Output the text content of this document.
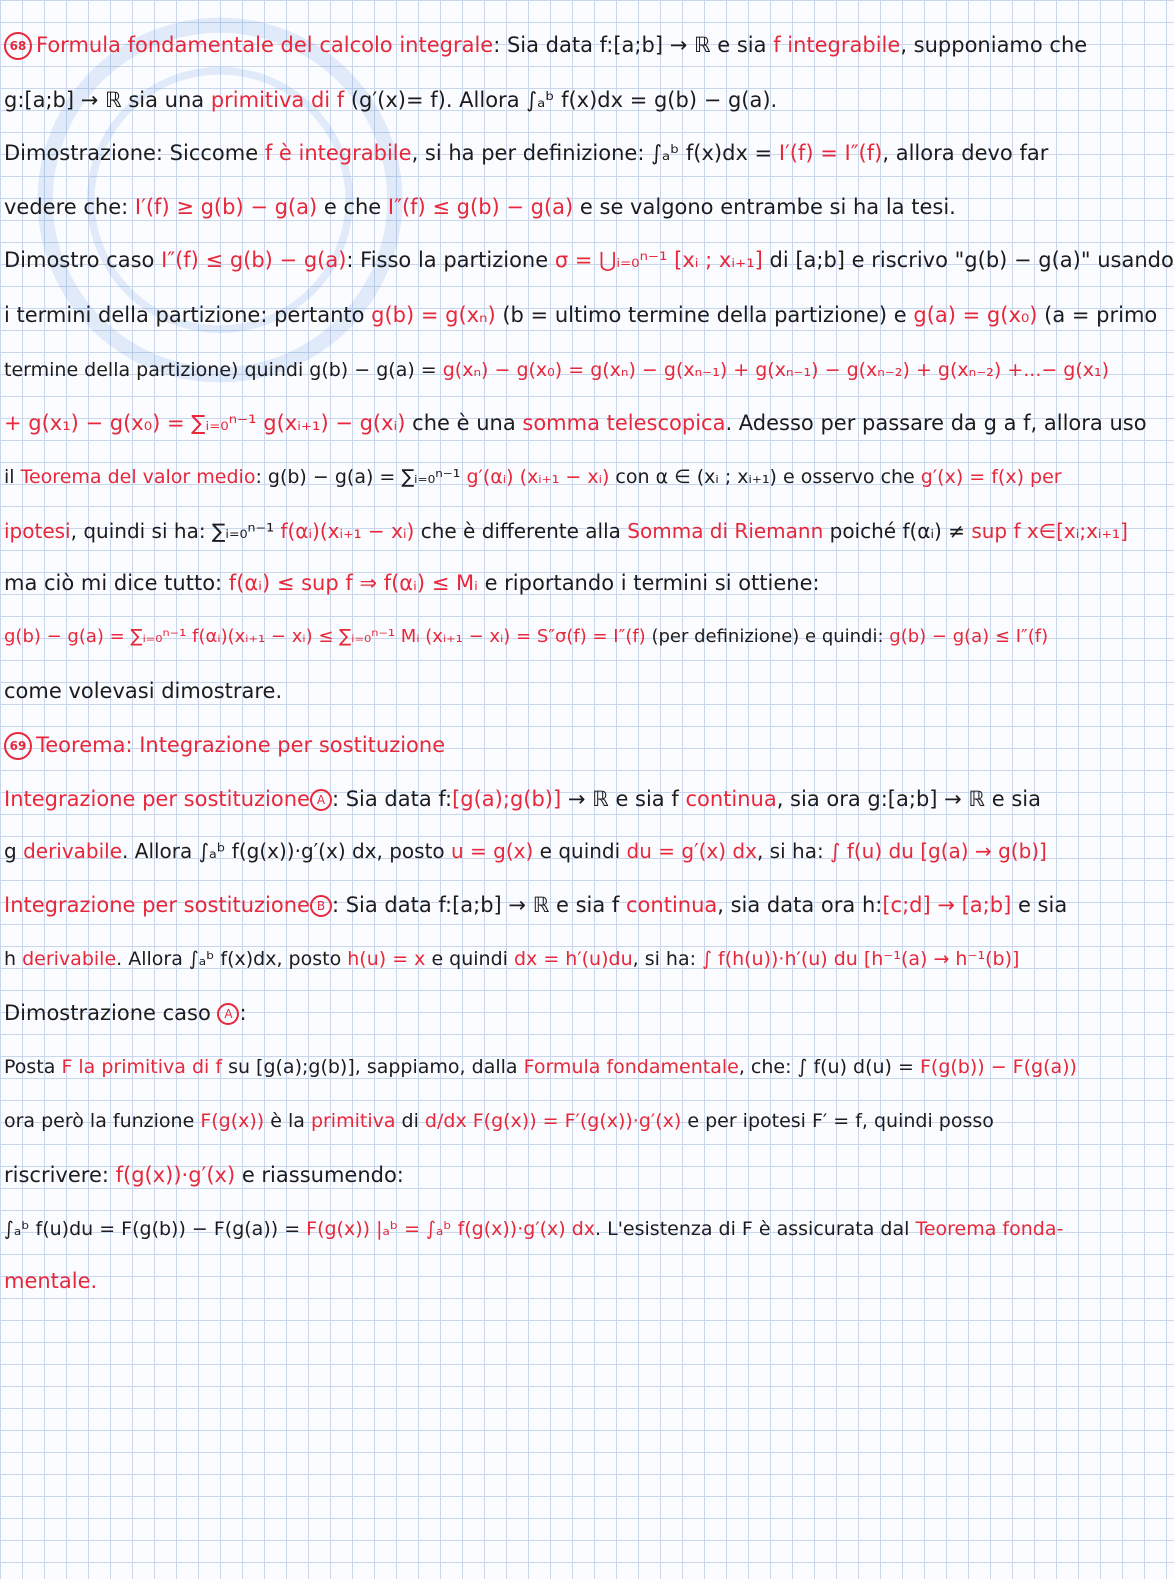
68 Formula fondamentale del calcolo integrale: Sia data f:[a;b] → ℝ e sia f integrabile, supponiamo che
g:[a;b] → ℝ sia una primitiva di f (g′(x)= f). Allora ∫ₐᵇ f(x)dx = g(b) − g(a).
Dimostrazione: Siccome f è integrabile, si ha per definizione: ∫ₐᵇ f(x)dx = I′(f) = I″(f), allora devo far
vedere che: I′(f) ≥ g(b) − g(a) e che I″(f) ≤ g(b) − g(a) e se valgono entrambe si ha la tesi.
Dimostro caso I″(f) ≤ g(b) − g(a): Fisso la partizione σ = ⋃ᵢ₌₀ⁿ⁻¹ [xᵢ ; xᵢ₊₁] di [a;b] e riscrivo "g(b) − g(a)" usando
i termini della partizione: pertanto g(b) = g(xₙ) (b = ultimo termine della partizione) e g(a) = g(x₀) (a = primo
termine della partizione) quindi g(b) − g(a) = g(xₙ) − g(x₀) = g(xₙ) − g(xₙ₋₁) + g(xₙ₋₁) − g(xₙ₋₂) + g(xₙ₋₂) +...− g(x₁)
+ g(x₁) − g(x₀) = ∑ᵢ₌₀ⁿ⁻¹ g(xᵢ₊₁) − g(xᵢ) che è una somma telescopica. Adesso per passare da g a f, allora uso
il Teorema del valor medio: g(b) − g(a) = ∑ᵢ₌₀ⁿ⁻¹ g′(αᵢ) (xᵢ₊₁ − xᵢ) con α ∈ (xᵢ ; xᵢ₊₁) e osservo che g′(x) = f(x) per
ipotesi, quindi si ha: ∑ᵢ₌₀ⁿ⁻¹ f(αᵢ)(xᵢ₊₁ − xᵢ) che è differente alla Somma di Riemann poiché f(αᵢ) ≠ sup f x∈[xᵢ;xᵢ₊₁]
ma ciò mi dice tutto: f(αᵢ) ≤ sup f ⇒ f(αᵢ) ≤ Mᵢ e riportando i termini si ottiene:
g(b) − g(a) = ∑ᵢ₌₀ⁿ⁻¹ f(αᵢ)(xᵢ₊₁ − xᵢ) ≤ ∑ᵢ₌₀ⁿ⁻¹ Mᵢ (xᵢ₊₁ − xᵢ) = S″σ(f) = I″(f) (per definizione) e quindi: g(b) − g(a) ≤ I″(f)
come volevasi dimostrare.
69 Teorema: Integrazione per sostituzione
Integrazione per sostituzione A : Sia data f:[g(a);g(b)] → ℝ e sia f continua, sia ora g:[a;b] → ℝ e sia
g derivabile. Allora ∫ₐᵇ f(g(x))·g′(x) dx, posto u = g(x) e quindi du = g′(x) dx, si ha: ∫ f(u) du [g(a) → g(b)]
Integrazione per sostituzione B : Sia data f:[a;b] → ℝ e sia f continua, sia data ora h:[c;d] → [a;b] e sia
h derivabile. Allora ∫ₐᵇ f(x)dx, posto h(u) = x e quindi dx = h′(u)du, si ha: ∫ f(h(u))·h′(u) du [h⁻¹(a) → h⁻¹(b)]
Dimostrazione caso A :
Posta F la primitiva di f su [g(a);g(b)], sappiamo, dalla Formula fondamentale, che: ∫ f(u) d(u) = F(g(b)) − F(g(a))
ora però la funzione F(g(x)) è la primitiva di d/dx F(g(x)) = F′(g(x))·g′(x) e per ipotesi F′ = f, quindi posso
riscrivere: f(g(x))·g′(x) e riassumendo:
∫ₐᵇ f(u)du = F(g(b)) − F(g(a)) = F(g(x)) |ₐᵇ = ∫ₐᵇ f(g(x))·g′(x) dx. L'esistenza di F è assicurata dal Teorema fonda-
mentale.
